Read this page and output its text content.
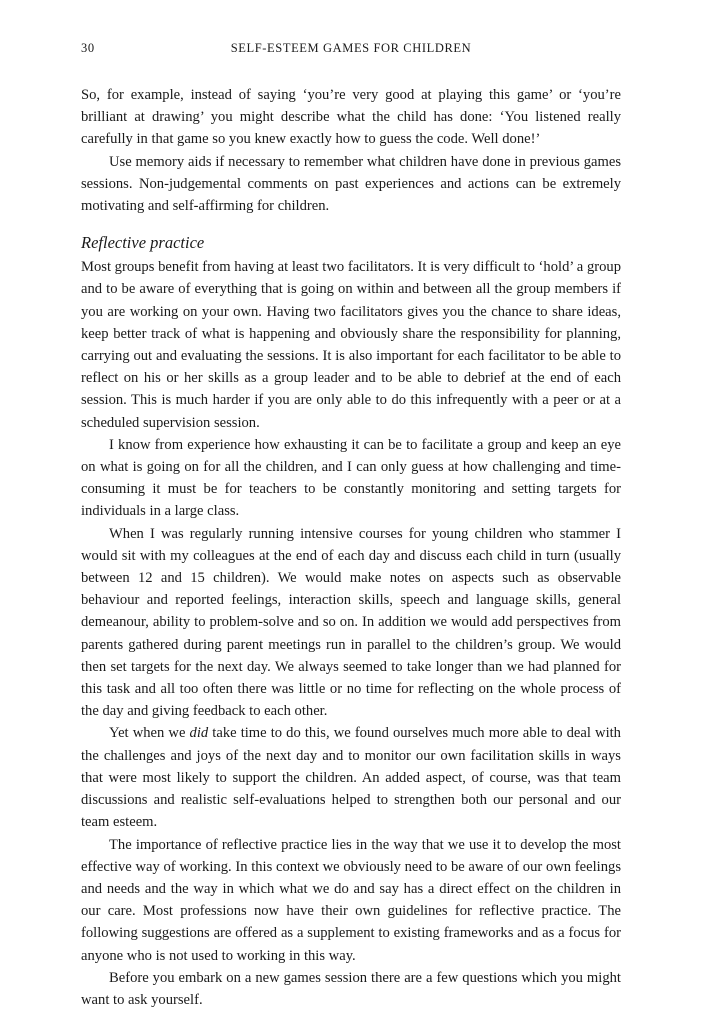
30	SELF-ESTEEM GAMES FOR CHILDREN

So, for example, instead of saying ‘you’re very good at playing this game’ or ‘you’re brilliant at drawing’ you might describe what the child has done: ‘You listened really carefully in that game so you knew exactly how to guess the code. Well done!’

Use memory aids if necessary to remember what children have done in previous games sessions. Non-judgemental comments on past experiences and actions can be extremely motivating and self-affirming for children.

Reflective practice

Most groups benefit from having at least two facilitators. It is very difficult to ‘hold’ a group and to be aware of everything that is going on within and between all the group members if you are working on your own. Having two facilitators gives you the chance to share ideas, keep better track of what is happening and obviously share the responsibility for planning, carrying out and evaluating the sessions. It is also important for each facilitator to be able to reflect on his or her skills as a group leader and to be able to debrief at the end of each session. This is much harder if you are only able to do this infrequently with a peer or at a scheduled supervision session.

I know from experience how exhausting it can be to facilitate a group and keep an eye on what is going on for all the children, and I can only guess at how challenging and time-consuming it must be for teachers to be constantly monitoring and setting targets for individuals in a large class.

When I was regularly running intensive courses for young children who stammer I would sit with my colleagues at the end of each day and discuss each child in turn (usually between 12 and 15 children). We would make notes on aspects such as observable behaviour and reported feelings, interaction skills, speech and language skills, general demeanour, ability to problem-solve and so on. In addition we would add perspectives from parents gathered during parent meetings run in parallel to the children’s group. We would then set targets for the next day. We always seemed to take longer than we had planned for this task and all too often there was little or no time for reflecting on the whole process of the day and giving feedback to each other.

Yet when we did take time to do this, we found ourselves much more able to deal with the challenges and joys of the next day and to monitor our own facilitation skills in ways that were most likely to support the children. An added aspect, of course, was that team discussions and realistic self-evaluations helped to strengthen both our personal and our team esteem.

The importance of reflective practice lies in the way that we use it to develop the most effective way of working. In this context we obviously need to be aware of our own feelings and needs and the way in which what we do and say has a direct effect on the children in our care. Most professions now have their own guidelines for reflective practice. The following suggestions are offered as a supplement to existing frameworks and as a focus for anyone who is not used to working in this way.

Before you embark on a new games session there are a few questions which you might want to ask yourself.
